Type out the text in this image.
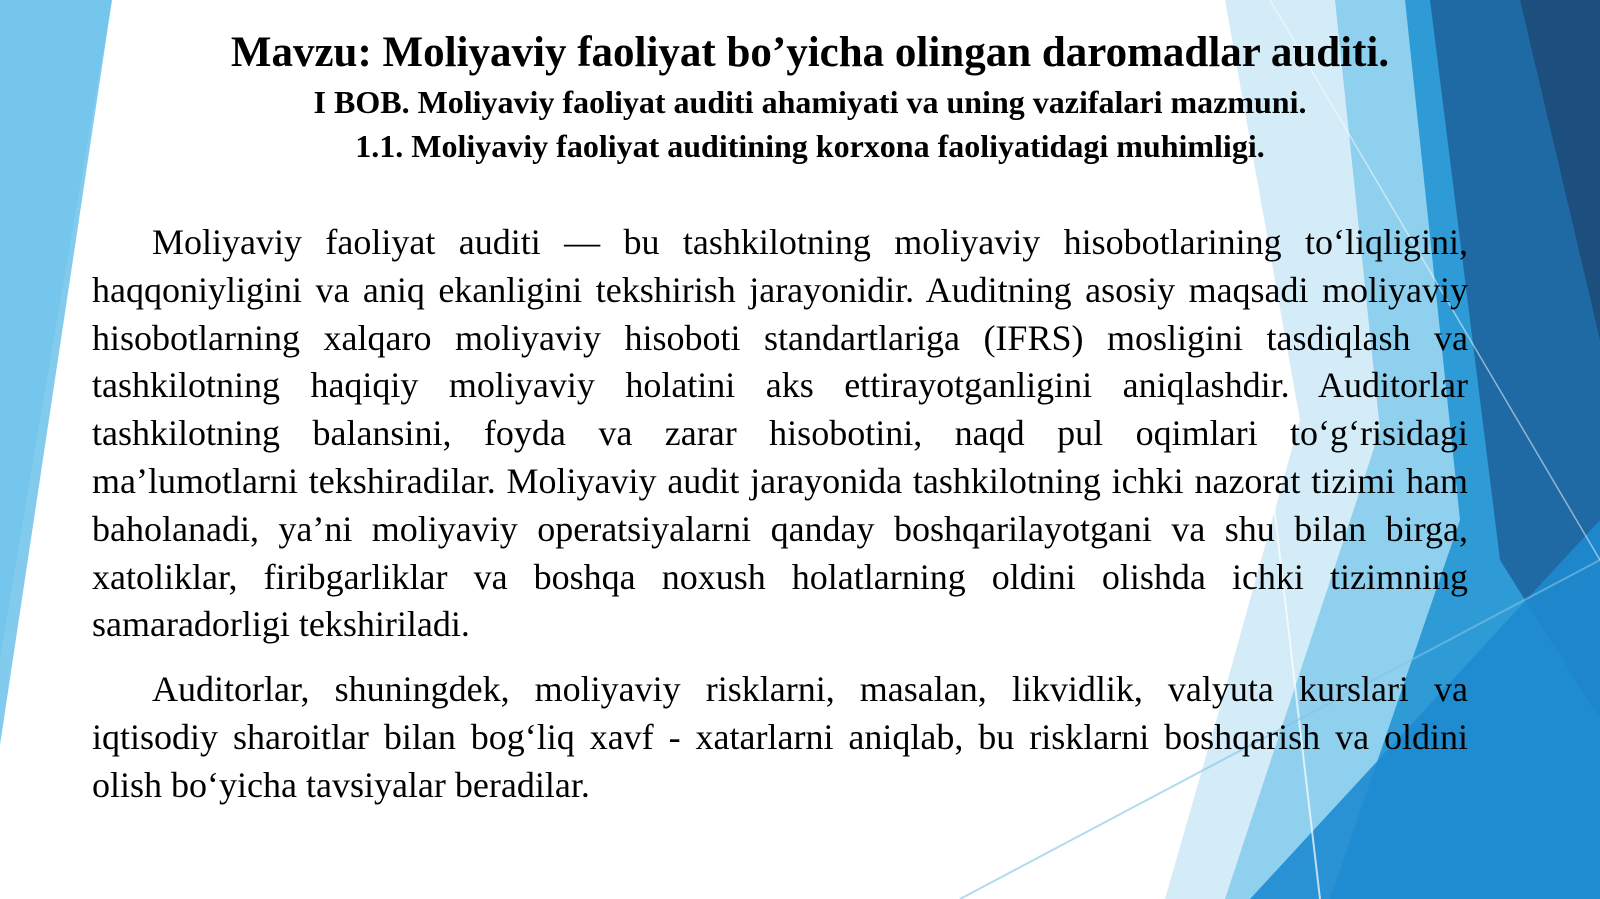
Mavzu: Moliyaviy faoliyat bo’yicha olingan daromadlar auditi.
I BOB. Moliyaviy faoliyat auditi ahamiyati va uning vazifalari mazmuni.
1.1. Moliyaviy faoliyat auditining korxona faoliyatidagi muhimligi.

Moliyaviy faoliyat auditi — bu tashkilotning moliyaviy hisobotlarining to‘liqligini, haqqoniyligini va aniq ekanligini tekshirish jarayonidir. Auditning asosiy maqsadi moliyaviy hisobotlarning xalqaro moliyaviy hisoboti standartlariga (IFRS) mosligini tasdiqlash va tashkilotning haqiqiy moliyaviy holatini aks ettirayotganligini aniqlashdir. Auditorlar tashkilotning balansini, foyda va zarar hisobotini, naqd pul oqimlari to‘g‘risidagi ma’lumotlarni tekshiradilar. Moliyaviy audit jarayonida tashkilotning ichki nazorat tizimi ham baholanadi, ya’ni moliyaviy operatsiyalarni qanday boshqarilayotgani va shu bilan birga, xatoliklar, firibgarliklar va boshqa noxush holatlarning oldini olishda ichki tizimning samaradorligi tekshiriladi.

Auditorlar, shuningdek, moliyaviy risklarni, masalan, likvidlik, valyuta kurslari va iqtisodiy sharoitlar bilan bog‘liq xavf - xatarlarni aniqlab, bu risklarni boshqarish va oldini olish bo‘yicha tavsiyalar beradilar.
